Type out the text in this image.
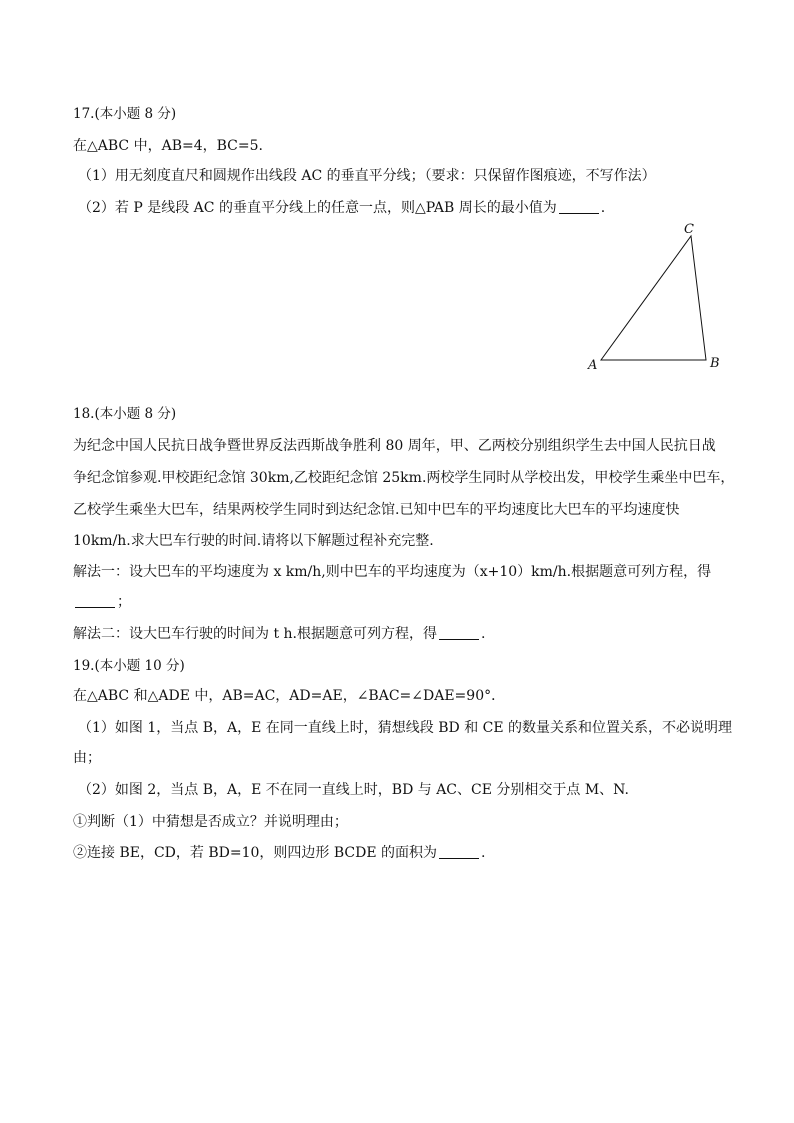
17.(本小题 8 分)
在△ABC 中，AB=4，BC=5.
（1）用无刻度直尺和圆规作出线段 AC 的垂直平分线；（要求：只保留作图痕迹，不写作法）
（2）若 P 是线段 AC 的垂直平分线上的任意一点，则△PAB 周长的最小值为	.
A	B
C
18.(本小题 8 分)
为纪念中国人民抗日战争暨世界反法西斯战争胜利 80 周年，甲、乙两校分别组织学生去中国人民抗日战
争纪念馆参观.甲校距纪念馆 30km,乙校距纪念馆 25km.两校学生同时从学校出发，甲校学生乘坐中巴车，
乙校学生乘坐大巴车，结果两校学生同时到达纪念馆.已知中巴车的平均速度比大巴车的平均速度快
10km/h.求大巴车行驶的时间.请将以下解题过程补充完整.
解法一：设大巴车的平均速度为 x km/h,则中巴车的平均速度为（x+10）km/h.根据题意可列方程，得
；
解法二：设大巴车行驶的时间为 t h.根据题意可列方程，得	.
19.(本小题 10 分)
在△ABC 和△ADE 中，AB=AC，AD=AE，∠BAC=∠DAE=90°．
（1）如图 1，当点 B，A，E 在同一直线上时，猜想线段 BD 和 CE 的数量关系和位置关系，不必说明理
由；
（2）如图 2，当点 B，A，E 不在同一直线上时，BD 与 AC、CE 分别相交于点 M、N.
①判断（1）中猜想是否成立？并说明理由；
②连接 BE，CD，若 BD=10，则四边形 BCDE 的面积为	.
